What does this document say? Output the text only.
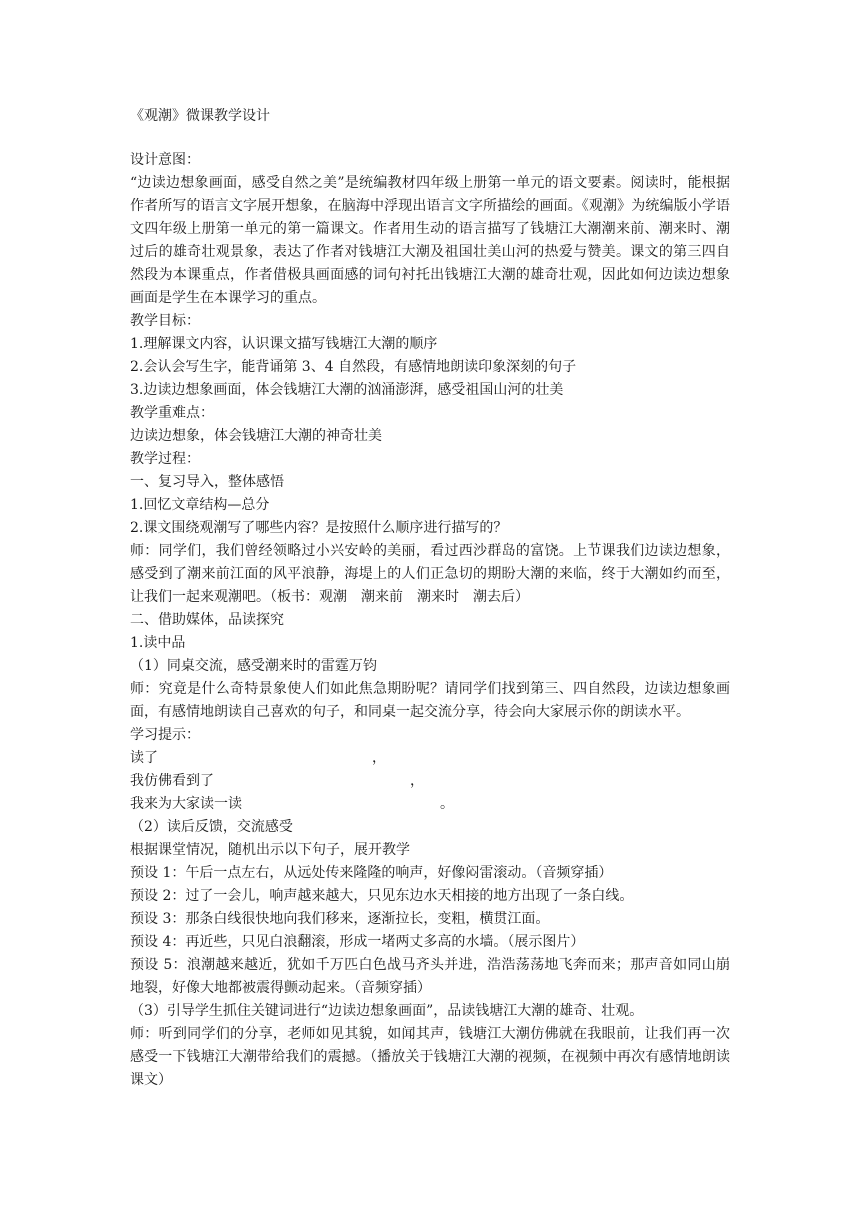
《观潮》微课教学设计

设计意图：

“边读边想象画面，感受自然之美”是统编教材四年级上册第一单元的语文要素。阅读时，能根据作者所写的语言文字展开想象，在脑海中浮现出语言文字所描绘的画面。《观潮》为统编版小学语文四年级上册第一单元的第一篇课文。作者用生动的语言描写了钱塘江大潮潮来前、潮来时、潮过后的雄奇壮观景象，表达了作者对钱塘江大潮及祖国壮美山河的热爱与赞美。课文的第三四自然段为本课重点，作者借极具画面感的词句衬托出钱塘江大潮的雄奇壮观，因此如何边读边想象画面是学生在本课学习的重点。

教学目标：

1.理解课文内容，认识课文描写钱塘江大潮的顺序

2.会认会写生字，能背诵第 3、4 自然段，有感情地朗读印象深刻的句子

3.边读边想象画面，体会钱塘江大潮的汹涌澎湃，感受祖国山河的壮美

教学重难点：

边读边想象，体会钱塘江大潮的神奇壮美

教学过程：

一、复习导入，整体感悟

1.回忆文章结构—总分

2.课文围绕观潮写了哪些内容？是按照什么顺序进行描写的？

师：同学们，我们曾经领略过小兴安岭的美丽，看过西沙群岛的富饶。上节课我们边读边想象，感受到了潮来前江面的风平浪静，海堤上的人们正急切的期盼大潮的来临，终于大潮如约而至，让我们一起来观潮吧。（板书：观潮　潮来前　潮来时　潮去后）

二、借助媒体，品读探究

1.读中品

（1）同桌交流，感受潮来时的雷霆万钧

师：究竟是什么奇特景象使人们如此焦急期盼呢？请同学们找到第三、四自然段，边读边想象画面，有感情地朗读自己喜欢的句子，和同桌一起交流分享，待会向大家展示你的朗读水平。

学习提示：

读了	，
我仿佛看到了	，
我来为大家读一读	。

（2）读后反馈，交流感受

根据课堂情况，随机出示以下句子，展开教学

预设 1：午后一点左右，从远处传来隆隆的响声，好像闷雷滚动。（音频穿插）

预设 2：过了一会儿，响声越来越大，只见东边水天相接的地方出现了一条白线。

预设 3：那条白线很快地向我们移来，逐渐拉长，变粗，横贯江面。

预设 4：再近些，只见白浪翻滚，形成一堵两丈多高的水墙。（展示图片）

预设 5：浪潮越来越近，犹如千万匹白色战马齐头并进，浩浩荡荡地飞奔而来；那声音如同山崩地裂，好像大地都被震得颤动起来。（音频穿插）

（3）引导学生抓住关键词进行“边读边想象画面”，品读钱塘江大潮的雄奇、壮观。

师：听到同学们的分享，老师如见其貌，如闻其声，钱塘江大潮仿佛就在我眼前，让我们再一次感受一下钱塘江大潮带给我们的震撼。（播放关于钱塘江大潮的视频，在视频中再次有感情地朗读课文）
